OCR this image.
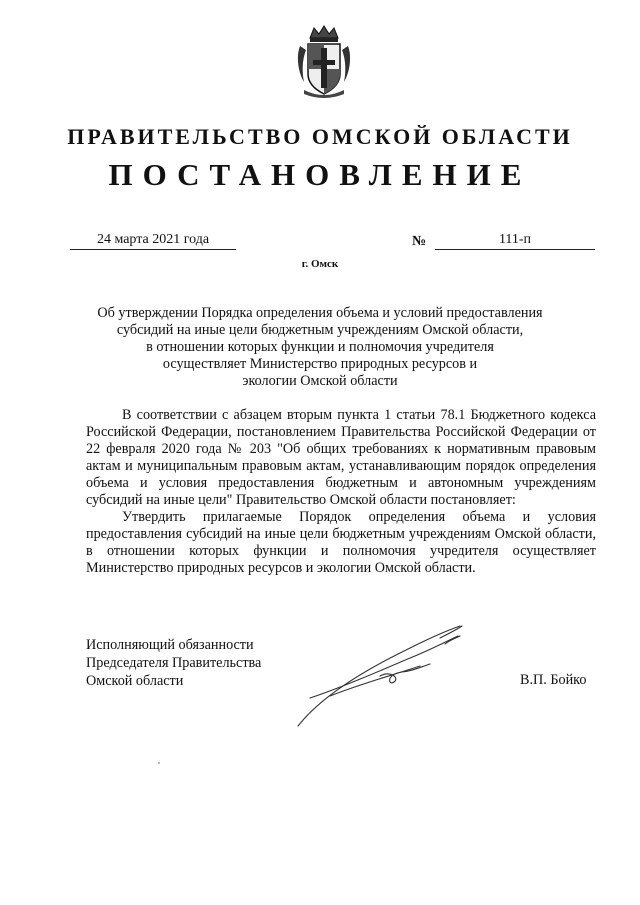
ПРАВИТЕЛЬСТВО ОМСКОЙ ОБЛАСТИ
ПОСТАНОВЛЕНИЕ
24 марта 2021 года	№	111-п
г. Омск
Об утверждении Порядка определения объема и условий предоставления
субсидий на иные цели бюджетным учреждениям Омской области,
в отношении которых функции и полномочия учредителя
осуществляет Министерство природных ресурсов и
экологии Омской области

В соответствии с абзацем вторым пункта 1 статьи 78.1 Бюджетного кодекса Российской Федерации, постановлением Правительства Российской Федерации от 22 февраля 2020 года № 203 "Об общих требованиях к нормативным правовым актам и муниципальным правовым актам, устанавливающим порядок определения объема и условия предоставления бюджетным и автономным учреждениям субсидий на иные цели" Правительство Омской области постановляет:

Утвердить прилагаемые Порядок определения объема и условия предоставления субсидий на иные цели бюджетным учреждениям Омской области, в отношении которых функции и полномочия учредителя осуществляет Министерство природных ресурсов и экологии Омской области.

Исполняющий обязанности
Председателя Правительства
Омской области	В.П. Бойко
